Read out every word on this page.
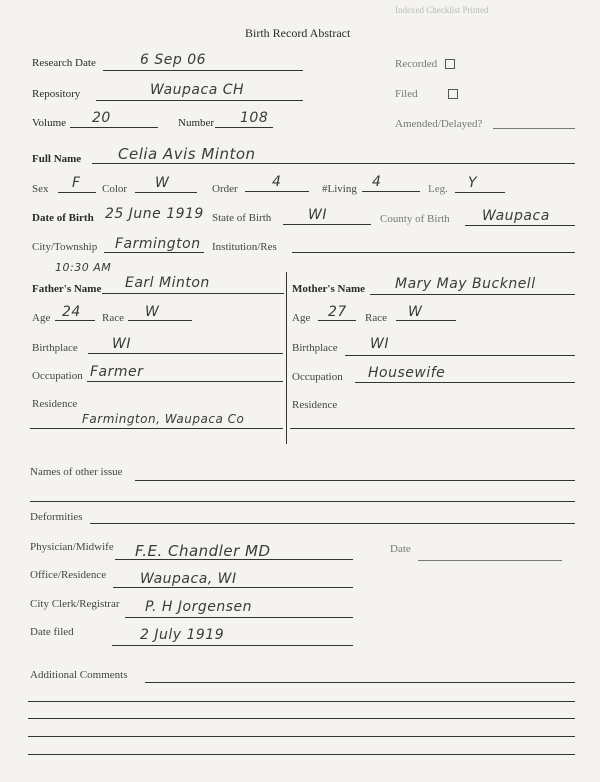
Indexed Checklist Printed
Birth Record Abstract
Research Date	6 Sep 06	Recorded
Repository	Waupaca CH	Filed
Volume 20	Number 108	Amended/Delayed?
Full Name Celia Avis Minton
Sex F Color W	Order 4	#Living 4	Leg. Y
Date of Birth 25 June 1919 State of Birth	WI	County of Birth Waupaca
City/Township Farmington Institution/Res
10:30 AM
Father's Name Earl Minton
Age 24 Race W
Birthplace WI
Occupation Farmer
Residence
Farmington, Waupaca Co
Mother's Name Mary May Bucknell
Age 27 Race W
Birthplace WI
Occupation Housewife
Residence
Names of other issue
Deformities
Physician/Midwife F.E. Chandler MD	Date
Office/Residence Waupaca, WI
City Clerk/Registrar P. H Jorgensen
Date filed	2 July 1919
Additional Comments
